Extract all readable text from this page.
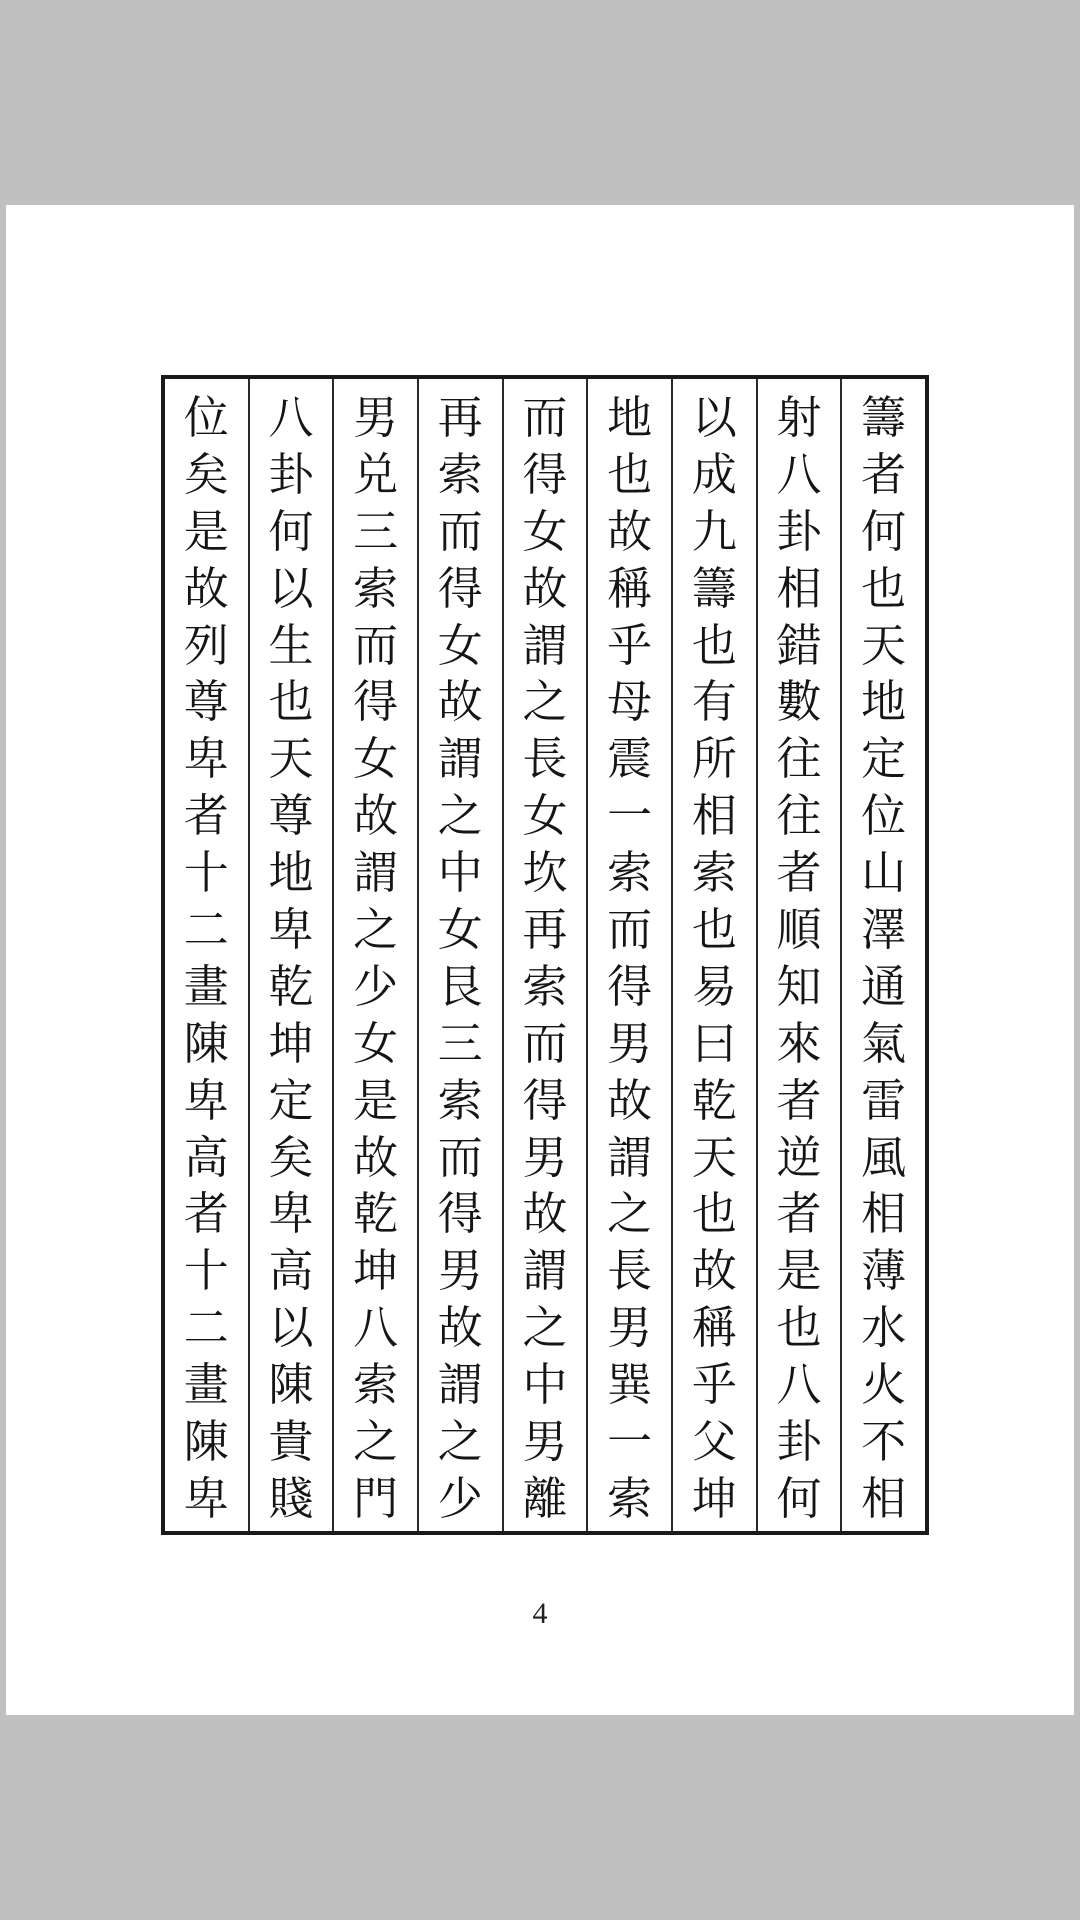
籌
者
何
也
天
地
定
位
山
澤
通
氣
雷
風
相
薄
水
火
不
相
射
八
卦
相
錯
數
往
往
者
順
知
來
者
逆
者
是
也
八
卦
何
以
成
九
籌
也
有
所
相
索
也
易
曰
乾
天
也
故
稱
乎
父
坤
地
也
故
稱
乎
母
震
一
索
而
得
男
故
謂
之
長
男
巽
一
索
而
得
女
故
謂
之
長
女
坎
再
索
而
得
男
故
謂
之
中
男
離
再
索
而
得
女
故
謂
之
中
女
艮
三
索
而
得
男
故
謂
之
少
男
兑
三
索
而
得
女
故
謂
之
少
女
是
故
乾
坤
八
索
之
門
八
卦
何
以
生
也
天
尊
地
卑
乾
坤
定
矣
卑
高
以
陳
貴
賤
位
矣
是
故
列
尊
卑
者
十
二
畫
陳
卑
高
者
十
二
畫
陳
卑
4
